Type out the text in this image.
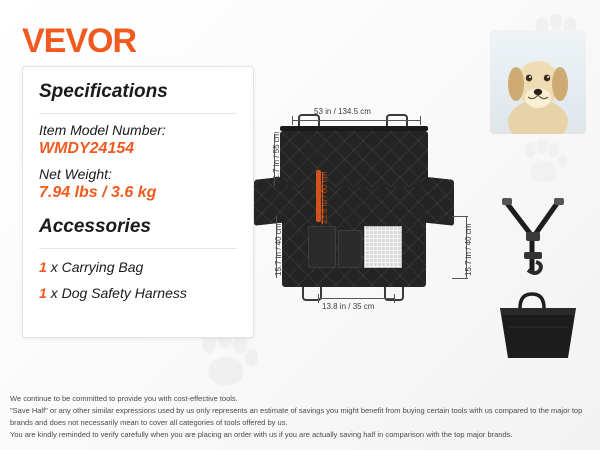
VEVOR
Specifications
Item Model Number:
WMDY24154
Net Weight:
7.94 lbs / 3.6 kg
Accessories
1 x Carrying Bag
1 x Dog Safety Harness
53 in / 134.5 cm
21.7 in / 55 cm
23.6 in / 60 cm
15.7 in / 40 cm	15.7 in / 40 cm
13.8 in / 35 cm

We continue to be committed to provide you with cost-effective tools.

"Save Half" or any other similar expressions used by us only represents an estimate of savings you might benefit from buying certain tools with us compared to the major top brands and does not necessarily mean to cover all categories of tools offered by us.

You are kindly reminded to verify carefully when you are placing an order with us if you are actually saving half in comparison with the top major brands.
